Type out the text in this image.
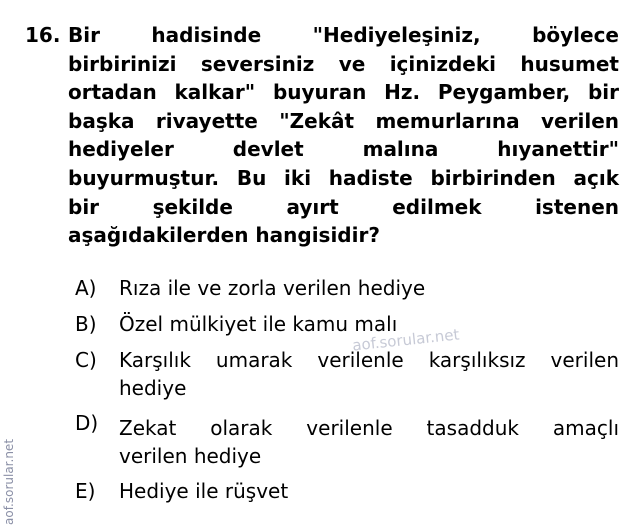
16. Bir hadisinde "Hediyeleşiniz, böylece
birbirinizi seversiniz ve içinizdeki husumet
ortadan kalkar" buyuran Hz. Peygamber, bir
başka rivayette "Zekât memurlarına verilen
hediyeler devlet malına hıyanettir"
buyurmuştur. Bu iki hadiste birbirinden açık
bir şekilde ayırt edilmek istenen
aşağıdakilerden hangisidir?
A)	Rıza ile ve zorla verilen hediye
B)	Özel mülkiyet ile kamu malı
C)	Karşılık umarak verilenle karşılıksız verilen
hediye
D)	Zekat olarak verilenle tasadduk amaçlı
verilen hediye
E)	Hediye ile rüşvet
aof.sorular.net
aof.sorular.net
